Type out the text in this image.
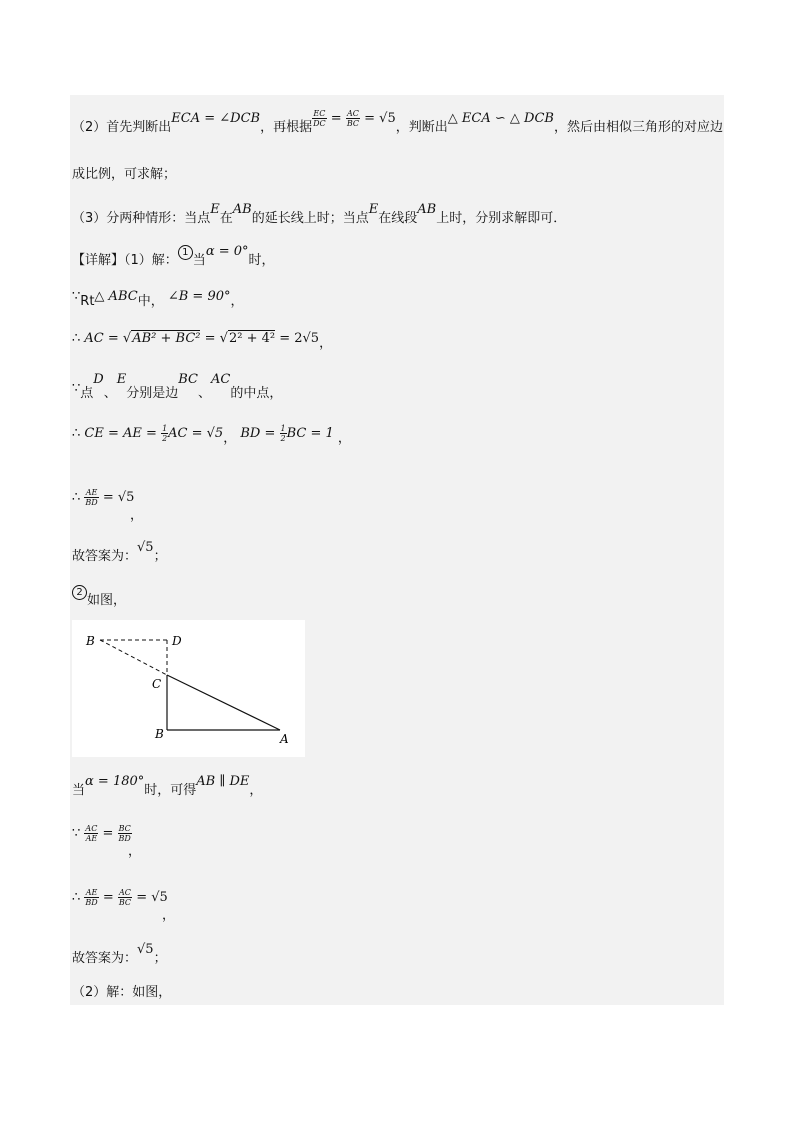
（2）首先判断出ECA = ∠DCB，再根据 $\frac{EC}{DC} = \frac{AC}{BC} = √5$，判断出△ ECA ∽ △ DCB，然后由相似三角形的对应边
成比例，可求解；
（3）分两种情形：当点E在AB的延长线上时；当点E在线段AB上时，分别求解即可．
【详解】（1）解：1当α = 0°时，
∵Rt△ ABC中， ∠B = 90°，
∴ AC = √AB² + BC² = √2² + 4² = 2√5，
∵点D、E分别是边BC、AC的中点，
∴ CE = AE = $\frac{1}{2}$ AC = √5， BD = $\frac{1}{2}$ BC = 1 ，
∴ $\frac{AE}{BD} = √5$
，
故答案为：√5；
2如图，
B	D
C
B	A
当α = 180°时，可得AB ∥ DE，
∵ $\frac{AC}{AE} = \frac{BC}{BD}$

，
∴ $\frac{AE}{BD} = \frac{AC}{BC} = √5$
，
故答案为：√5；
（2）解：如图，
